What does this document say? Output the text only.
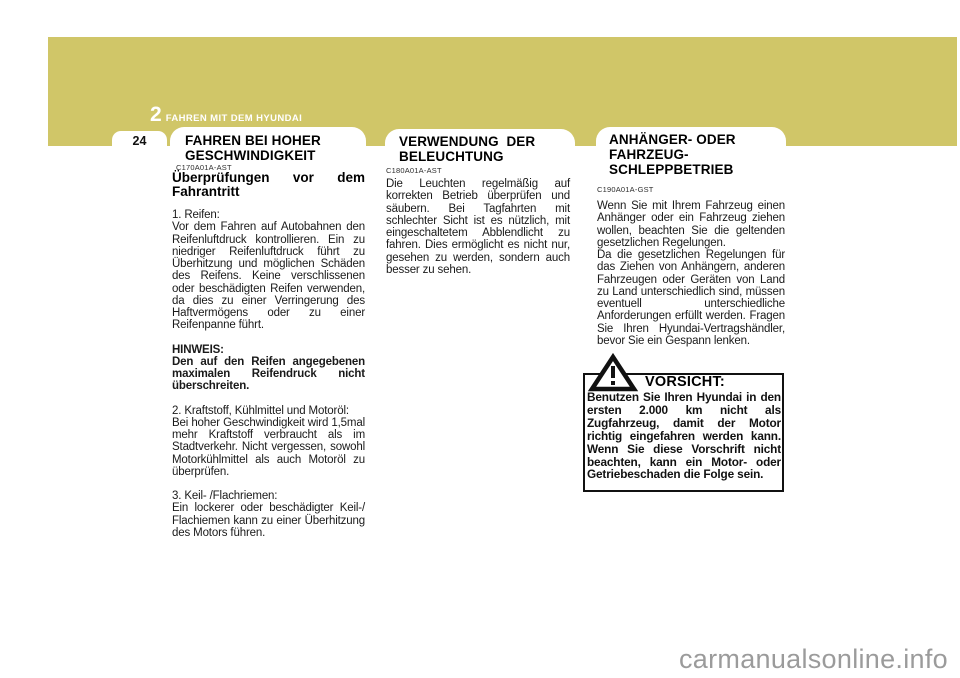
2 FAHREN MIT DEM HYUNDAI
24	FAHREN BEI HOHER
GESCHWINDIGKEIT
VERWENDUNG  DER
BELEUCHTUNG
ANHÄNGER- ODER
FAHRZEUG-
SCHLEPPBETRIEB
C170A01A-AST	C180A01A-AST
C190A01A-GST
Überprüfungen vor dem Fahrantritt
1. Reifen:
Vor dem Fahren auf Autobahnen den Reifenluftdruck kontrollieren. Ein zu niedriger Reifenluftdruck führt zu Überhitzung und möglichen Schäden des Reifens. Keine verschlissenen oder beschädigten Reifen verwenden, da dies zu einer Verringerung des Haftvermögens oder zu einer Reifenpanne führt.
HINWEIS:
Den auf den Reifen angegebenen maximalen Reifendruck nicht überschreiten.
2. Kraftstoff, Kühlmittel und Motoröl:
Bei hoher Geschwindigkeit wird 1,5mal mehr Kraftstoff verbraucht als im Stadtverkehr. Nicht vergessen, sowohl Motorkühlmittel als auch Motoröl zu überprüfen.
3. Keil- /Flachriemen:
Ein lockerer oder beschädigter Keil-/ Flachiemen kann zu einer Überhitzung des Motors führen.
Die Leuchten regelmäßig auf korrekten Betrieb überprüfen und säubern. Bei Tagfahrten mit schlechter Sicht ist es nützlich, mit eingeschaltetem Abblendlicht zu fahren. Dies ermöglicht es nicht nur, gesehen zu werden, sondern auch besser zu sehen.
Wenn Sie mit Ihrem Fahrzeug einen Anhänger oder ein Fahrzeug ziehen wollen, beachten Sie die geltenden gesetzlichen Regelungen.
Da die gesetzlichen Regelungen für das Ziehen von Anhängern, anderen Fahrzeugen oder Geräten von Land zu Land unterschiedlich sind, müssen eventuell unterschiedliche Anforderungen erfüllt werden. Fragen Sie Ihren Hyundai-Vertragshändler, bevor Sie ein Gespann lenken.
VORSICHT:
Benutzen Sie Ihren Hyundai in den ersten 2.000 km nicht als Zugfahrzeug, damit der Motor richtig eingefahren werden kann. Wenn Sie diese Vorschrift nicht beachten, kann ein Motor- oder Getriebeschaden die Folge sein.
carmanualsonline.info
